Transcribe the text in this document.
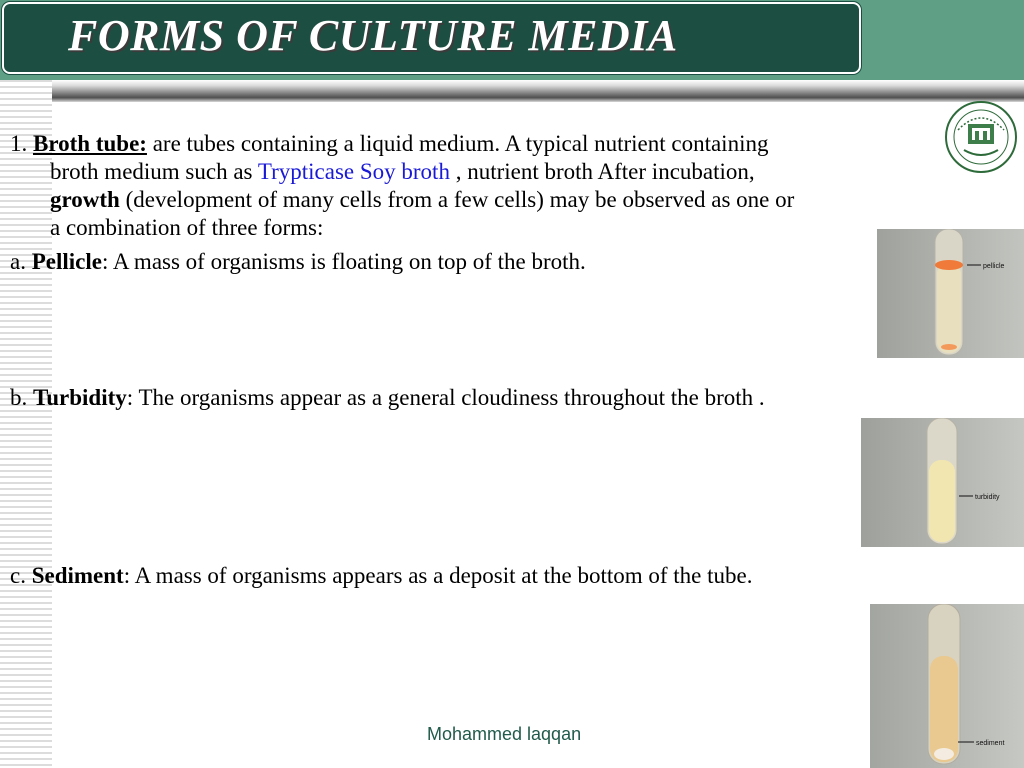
FORMS OF CULTURE MEDIA
1. Broth tube: are tubes containing a liquid medium. A typical nutrient containing
broth medium such as Trypticase Soy broth , nutrient broth After incubation,
growth (development of many cells from a few cells) may be observed as one or
a combination of three forms:
a. Pellicle: A mass of organisms is floating on top of the broth.
b. Turbidity: The organisms appear as a general cloudiness throughout the broth .
c. Sediment: A mass of organisms appears as a deposit at the bottom of the tube.
pellicle
turbidity
sediment
Mohammed laqqan
